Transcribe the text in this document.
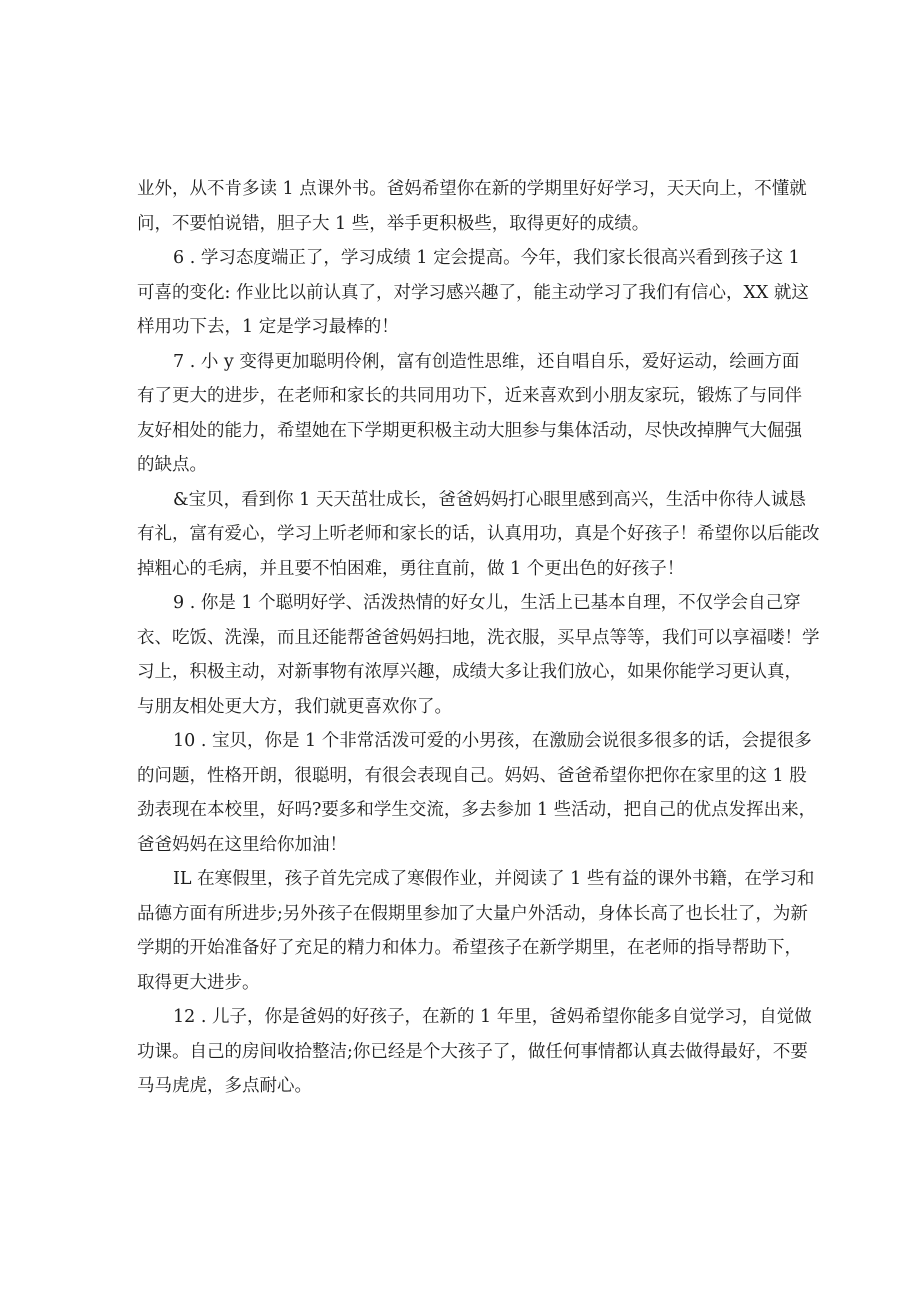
业外，从不肯多读 1 点课外书。爸妈希望你在新的学期里好好学习，天天向上，不懂就
问，不要怕说错，胆子大 1 些，举手更积极些，取得更好的成绩。

6 . 学习态度端正了，学习成绩 1 定会提高。今年，我们家长很高兴看到孩子这 1
可喜的变化: 作业比以前认真了，对学习感兴趣了，能主动学习了我们有信心，XX 就这
样用功下去，1 定是学习最棒的！

7 . 小 y 变得更加聪明伶俐，富有创造性思维，还自唱自乐，爱好运动，绘画方面
有了更大的进步，在老师和家长的共同用功下，近来喜欢到小朋友家玩，锻炼了与同伴
友好相处的能力，希望她在下学期更积极主动大胆参与集体活动，尽快改掉脾气大倔强
的缺点。

&宝贝，看到你 1 天天茁壮成长，爸爸妈妈打心眼里感到高兴，生活中你待人诚恳
有礼，富有爱心，学习上听老师和家长的话，认真用功，真是个好孩子！希望你以后能改
掉粗心的毛病，并且要不怕困难，勇往直前，做 1 个更出色的好孩子！

9 . 你是 1 个聪明好学、活泼热情的好女儿，生活上已基本自理，不仅学会自己穿
衣、吃饭、洗澡，而且还能帮爸爸妈妈扫地，洗衣服，买早点等等，我们可以享福喽！学
习上，积极主动，对新事物有浓厚兴趣，成绩大多让我们放心，如果你能学习更认真，
与朋友相处更大方，我们就更喜欢你了。

10 . 宝贝，你是 1 个非常活泼可爱的小男孩，在激励会说很多很多的话，会提很多
的问题，性格开朗，很聪明，有很会表现自己。妈妈、爸爸希望你把你在家里的这 1 股
劲表现在本校里，好吗?要多和学生交流，多去参加 1 些活动，把自己的优点发挥出来，
爸爸妈妈在这里给你加油！

IL 在寒假里，孩子首先完成了寒假作业，并阅读了 1 些有益的课外书籍，在学习和
品德方面有所进步;另外孩子在假期里参加了大量户外活动，身体长高了也长壮了，为新
学期的开始准备好了充足的精力和体力。希望孩子在新学期里，在老师的指导帮助下，
取得更大进步。

12 . 儿子，你是爸妈的好孩子，在新的 1 年里，爸妈希望你能多自觉学习，自觉做
功课。自己的房间收拾整洁;你已经是个大孩子了，做任何事情都认真去做得最好，不要
马马虎虎，多点耐心。
